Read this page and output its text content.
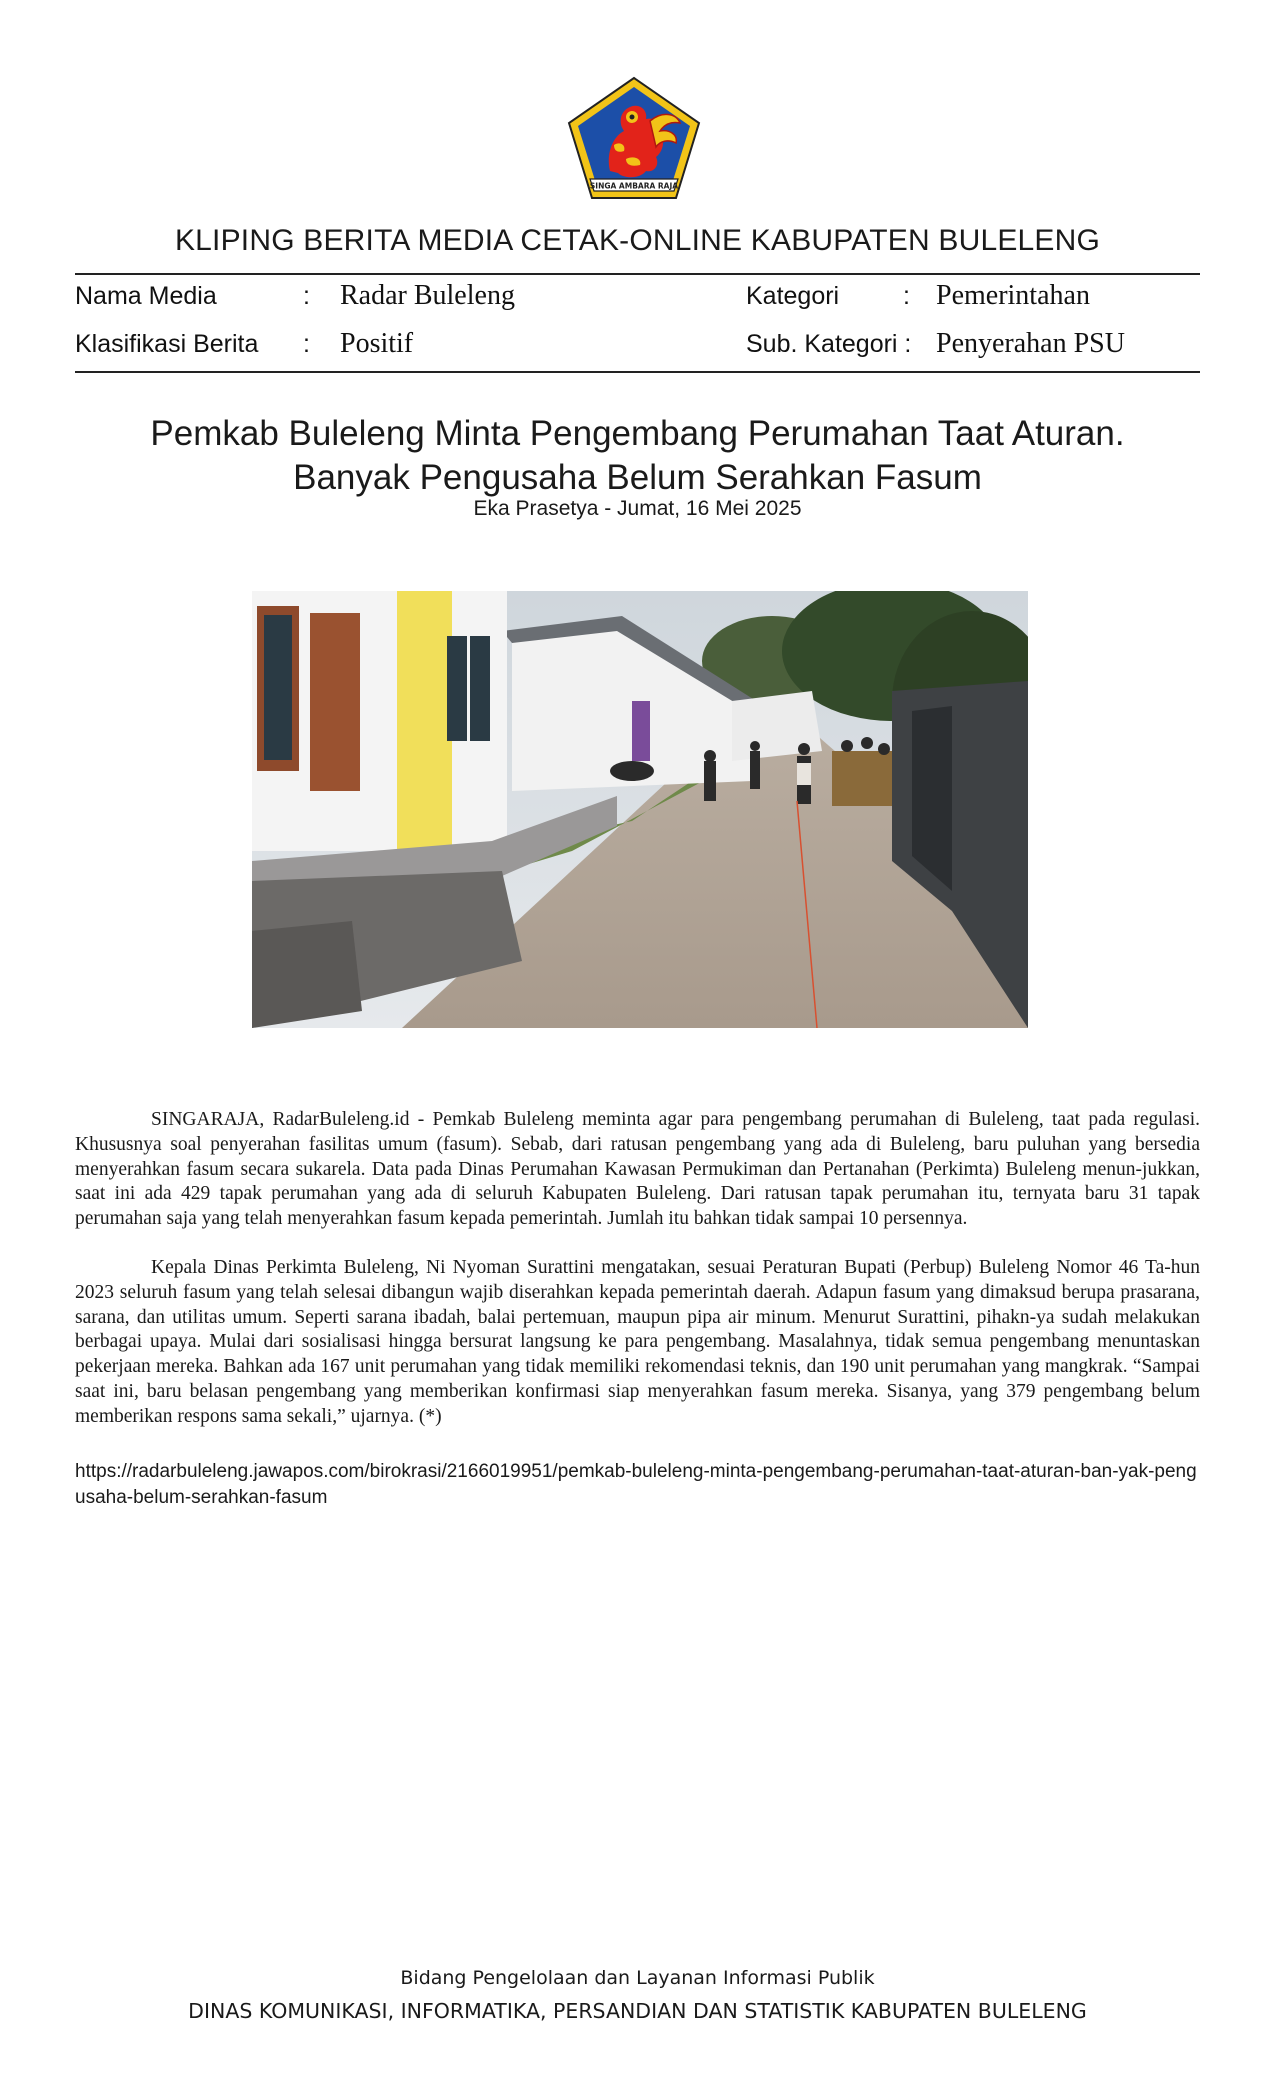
SINGA AMBARA RAJA
KLIPING BERITA MEDIA CETAK-ONLINE KABUPATEN BULELENG
Nama Media	: Radar Buleleng	Kategori	: Pemerintahan
Klasifikasi Berita : Positif	Sub. Kategori : Penyerahan PSU
Pemkab Buleleng Minta Pengembang Perumahan Taat Aturan.
Banyak Pengusaha Belum Serahkan Fasum
Eka Prasetya - Jumat, 16 Mei 2025

SINGARAJA, RadarBuleleng.id - Pemkab Buleleng meminta agar para pengembang perumahan di Buleleng, taat pada regulasi. Khususnya soal penyerahan fasilitas umum (fasum). Sebab, dari ratusan pengembang yang ada di Buleleng, baru puluhan yang bersedia menyerahkan fasum secara sukarela. Data pada Dinas Perumahan Kawasan Permukiman dan Pertanahan (Perkimta) Buleleng menun-jukkan, saat ini ada 429 tapak perumahan yang ada di seluruh Kabupaten Buleleng. Dari ratusan tapak perumahan itu, ternyata baru 31 tapak perumahan saja yang telah menyerahkan fasum kepada pemerintah. Jumlah itu bahkan tidak sampai 10 persennya.

Kepala Dinas Perkimta Buleleng, Ni Nyoman Surattini mengatakan, sesuai Peraturan Bupati (Perbup) Buleleng Nomor 46 Ta-hun 2023 seluruh fasum yang telah selesai dibangun wajib diserahkan kepada pemerintah daerah. Adapun fasum yang dimaksud berupa prasarana, sarana, dan utilitas umum. Seperti sarana ibadah, balai pertemuan, maupun pipa air minum. Menurut Surattini, pihakn-ya sudah melakukan berbagai upaya. Mulai dari sosialisasi hingga bersurat langsung ke para pengembang. Masalahnya, tidak semua pengembang menuntaskan pekerjaan mereka. Bahkan ada 167 unit perumahan yang tidak memiliki rekomendasi teknis, dan 190 unit perumahan yang mangkrak. “Sampai saat ini, baru belasan pengembang yang memberikan konfirmasi siap menyerahkan fasum mereka. Sisanya, yang 379 pengembang belum memberikan respons sama sekali,” ujarnya. (*)

https://radarbuleleng.jawapos.com/birokrasi/2166019951/pemkab-buleleng-minta-pengembang-perumahan-taat-aturan-ban-yak-pengusaha-belum-serahkan-fasum
Bidang Pengelolaan dan Layanan Informasi Publik
DINAS KOMUNIKASI, INFORMATIKA, PERSANDIAN DAN STATISTIK KABUPATEN BULELENG
